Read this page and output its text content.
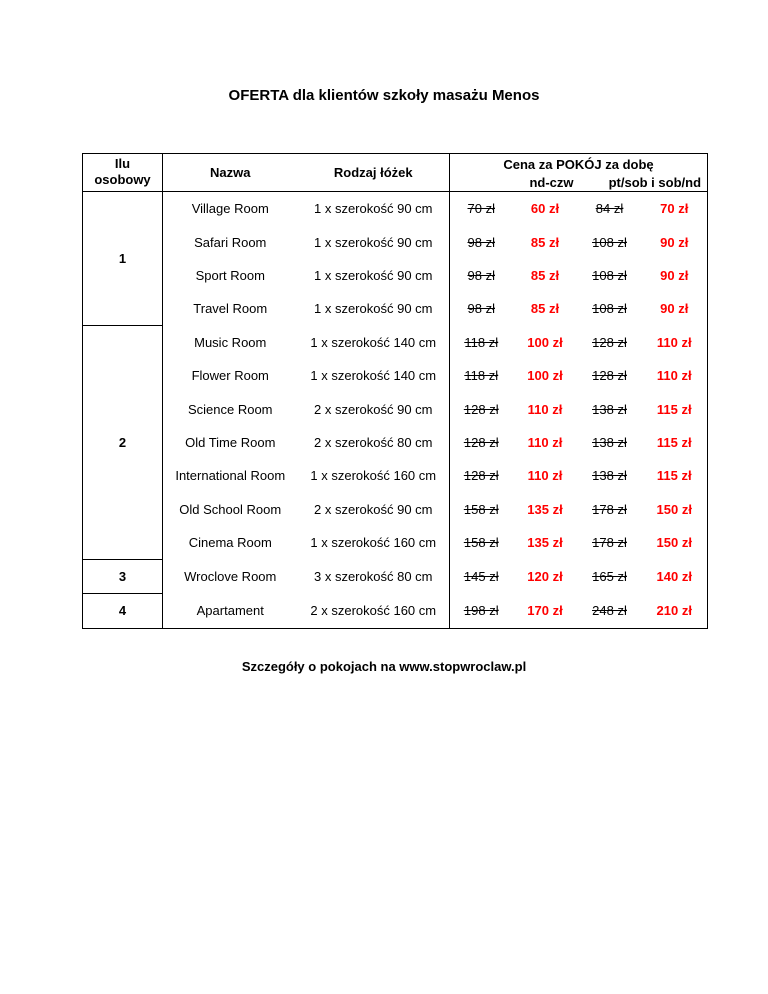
OFERTA dla klientów szkoły masażu Menos
Ilu
osobowy	Nazwa	Rodzaj łóżek	Cena za POKÓJ za dobę			
			nd-czw		pt/sob i sob/nd	
1	Village Room	1 x szerokość 90 cm	70 zł	60 zł	84 zł	70 zł
	Safari Room	1 x szerokość 90 cm	98 zł	85 zł	108 zł	90 zł
	Sport Room	1 x szerokość 90 cm	98 zł	85 zł	108 zł	90 zł
	Travel Room	1 x szerokość 90 cm	98 zł	85 zł	108 zł	90 zł
2	Music Room	1 x szerokość 140 cm	118 zł	100 zł	128 zł	110 zł
	Flower Room	1 x szerokość 140 cm	118 zł	100 zł	128 zł	110 zł
	Science Room	2 x szerokość 90 cm	128 zł	110 zł	138 zł	115 zł
	Old Time Room	2 x szerokość 80 cm	128 zł	110 zł	138 zł	115 zł
	International Room	1 x szerokość 160 cm	128 zł	110 zł	138 zł	115 zł
	Old School Room	2 x szerokość 90 cm	158 zł	135 zł	178 zł	150 zł
	Cinema Room	1 x szerokość 160 cm	158 zł	135 zł	178 zł	150 zł
3	Wroclove Room	3 x szerokość 80 cm	145 zł	120 zł	165 zł	140 zł
4	Apartament	2 x szerokość 160 cm	198 zł	170 zł	248 zł	210 zł
Szczegóły o pokojach na www.stopwroclaw.pl
